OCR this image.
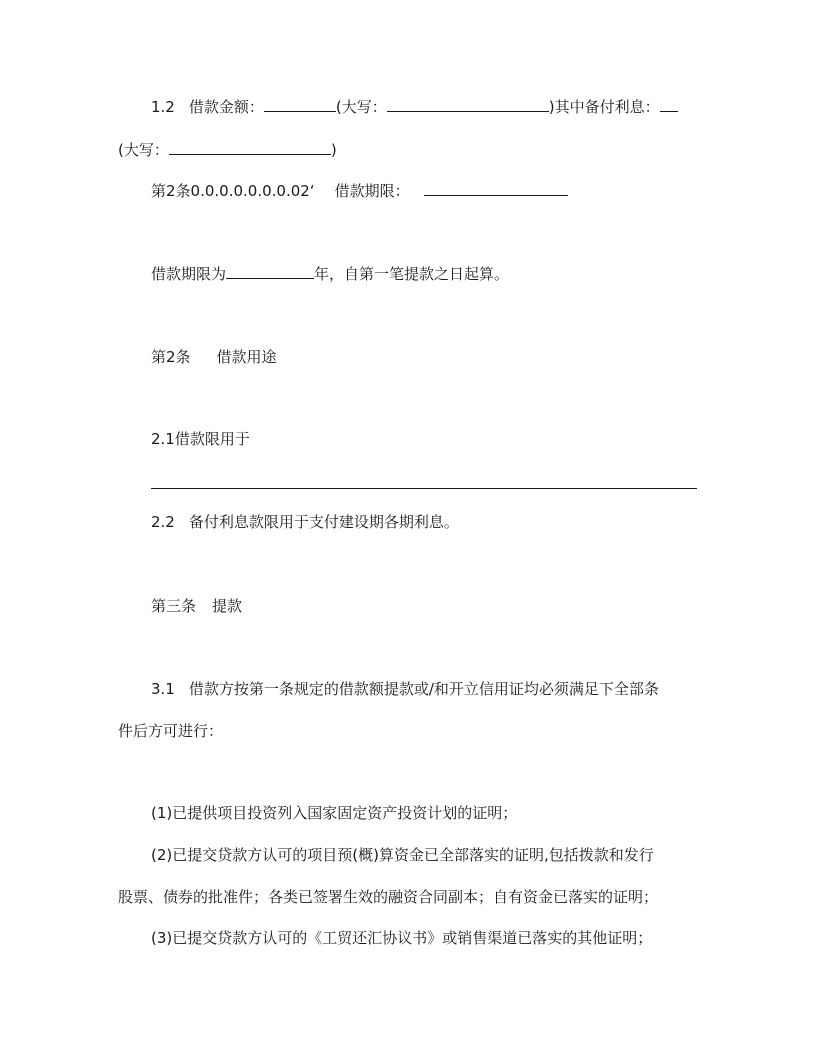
1.2 借款金额：	(大写：	)其中备付利息：
(大写：	)
第2条0.0.0.0.0.0.0.02‘ 借款期限：
借款期限为	年，自第一笔提款之日起算。
第2条 借款用途
2.1借款限用于
2.2 备付利息款限用于支付建设期各期利息。
第三条 提款
3.1 借款方按第一条规定的借款额提款或/和开立信用证均必须满足下全部条
件后方可进行：
(1)已提供项目投资列入国家固定资产投资计划的证明；
(2)已提交贷款方认可的项目预(概)算资金已全部落实的证明,包括拨款和发行
股票、债券的批准件；各类已签署生效的融资合同副本；自有资金已落实的证明；
(3)已提交贷款方认可的《工贸还汇协议书》或销售渠道已落实的其他证明；
